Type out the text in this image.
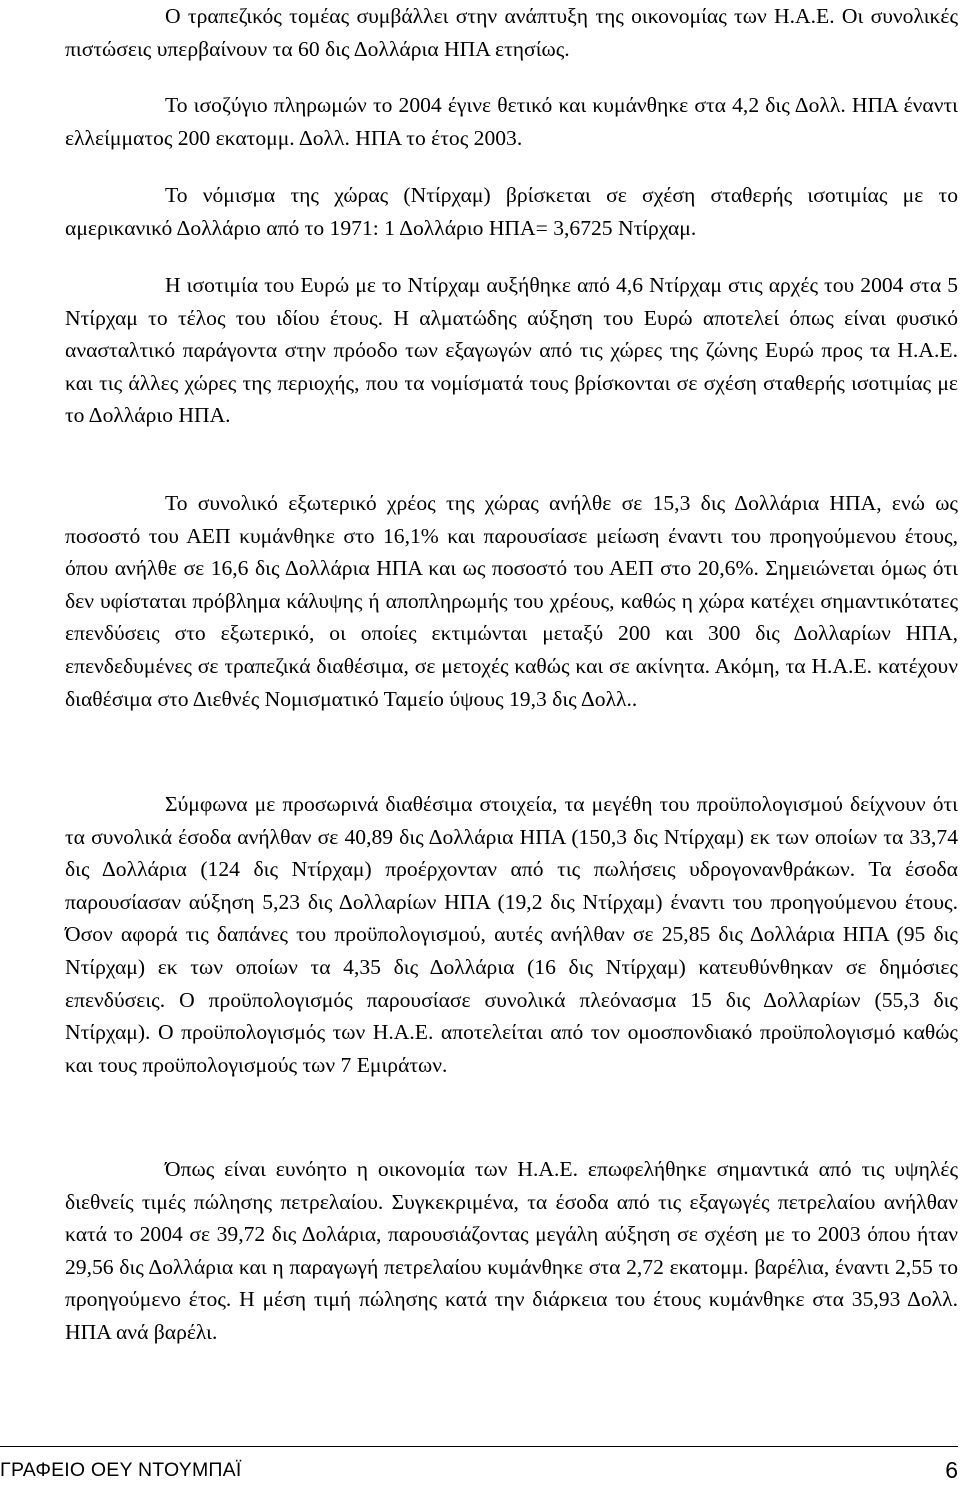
Ο τραπεζικός τομέας συμβάλλει στην ανάπτυξη της οικονομίας των Η.Α.Ε. Οι συνολικές πιστώσεις υπερβαίνουν τα 60 δις Δολλάρια ΗΠΑ ετησίως.

Το ισοζύγιο πληρωμών το 2004 έγινε θετικό και κυμάνθηκε στα 4,2 δις Δολλ. ΗΠΑ έναντι ελλείμματος 200 εκατομμ. Δολλ. ΗΠΑ το έτος 2003.

Το νόμισμα της χώρας (Ντίρχαμ) βρίσκεται σε σχέση σταθερής ισοτιμίας με το αμερικανικό Δολλάριο από το 1971: 1 Δολλάριο ΗΠΑ= 3,6725 Ντίρχαμ.

Η ισοτιμία του Ευρώ με το Ντίρχαμ αυξήθηκε από 4,6 Ντίρχαμ στις αρχές του 2004 στα 5 Ντίρχαμ το τέλος του ιδίου έτους. Η αλματώδης αύξηση του Ευρώ αποτελεί όπως είναι φυσικό ανασταλτικό παράγοντα στην πρόοδο των εξαγωγών από τις χώρες της ζώνης Ευρώ προς τα Η.Α.Ε. και τις άλλες χώρες της περιοχής, που τα νομίσματά τους βρίσκονται σε σχέση σταθερής ισοτιμίας με το Δολλάριο ΗΠΑ.

Το συνολικό εξωτερικό χρέος της χώρας ανήλθε σε 15,3 δις Δολλάρια ΗΠΑ, ενώ ως ποσοστό του ΑΕΠ κυμάνθηκε στο 16,1% και παρουσίασε μείωση έναντι του προηγούμενου έτους, όπου ανήλθε σε 16,6 δις Δολλάρια ΗΠΑ και ως ποσοστό του ΑΕΠ στο 20,6%. Σημειώνεται όμως ότι δεν υφίσταται πρόβλημα κάλυψης ή αποπληρωμής του χρέους, καθώς η χώρα κατέχει σημαντικότατες επενδύσεις στο εξωτερικό, οι οποίες εκτιμώνται μεταξύ 200 και 300 δις Δολλαρίων ΗΠΑ, επενδεδυμένες σε τραπεζικά διαθέσιμα, σε μετοχές καθώς και σε ακίνητα. Ακόμη, τα Η.Α.Ε. κατέχουν διαθέσιμα στο Διεθνές Νομισματικό Ταμείο ύψους 19,3 δις Δολλ..

Σύμφωνα με προσωρινά διαθέσιμα στοιχεία, τα μεγέθη του προϋπολογισμού δείχνουν ότι τα συνολικά έσοδα ανήλθαν σε 40,89 δις Δολλάρια ΗΠΑ (150,3 δις Ντίρχαμ) εκ των οποίων τα 33,74 δις Δολλάρια (124 δις Ντίρχαμ) προέρχονταν από τις πωλήσεις υδρογονανθράκων. Τα έσοδα παρουσίασαν αύξηση 5,23 δις Δολλαρίων ΗΠΑ (19,2 δις Ντίρχαμ) έναντι του προηγούμενου έτους. Όσον αφορά τις δαπάνες του προϋπολογισμού, αυτές ανήλθαν σε 25,85 δις Δολλάρια ΗΠΑ (95 δις Ντίρχαμ) εκ των οποίων τα 4,35 δις Δολλάρια (16 δις Ντίρχαμ) κατευθύνθηκαν σε δημόσιες επενδύσεις. Ο προϋπολογισμός παρουσίασε συνολικά πλεόνασμα 15 δις Δολλαρίων (55,3 δις Ντίρχαμ). Ο προϋπολογισμός των Η.Α.Ε. αποτελείται από τον ομοσπονδιακό προϋπολογισμό καθώς και τους προϋπολογισμούς των 7 Εμιράτων.

Όπως είναι ευνόητο η οικονομία των Η.Α.Ε. επωφελήθηκε σημαντικά από τις υψηλές διεθνείς τιμές πώλησης πετρελαίου. Συγκεκριμένα, τα έσοδα από τις εξαγωγές πετρελαίου ανήλθαν κατά το 2004 σε 39,72 δις Δολάρια, παρουσιάζοντας μεγάλη αύξηση σε σχέση με το 2003 όπου ήταν 29,56 δις Δολλάρια και η παραγωγή πετρελαίου κυμάνθηκε στα 2,72 εκατομμ. βαρέλια, έναντι 2,55 το προηγούμενο έτος. Η μέση τιμή πώλησης κατά την διάρκεια του έτους κυμάνθηκε στα 35,93 Δολλ. ΗΠΑ ανά βαρέλι.

ΓΡΑΦΕΙΟ ΟΕΥ ΝΤΟΥΜΠΑΪ	6
